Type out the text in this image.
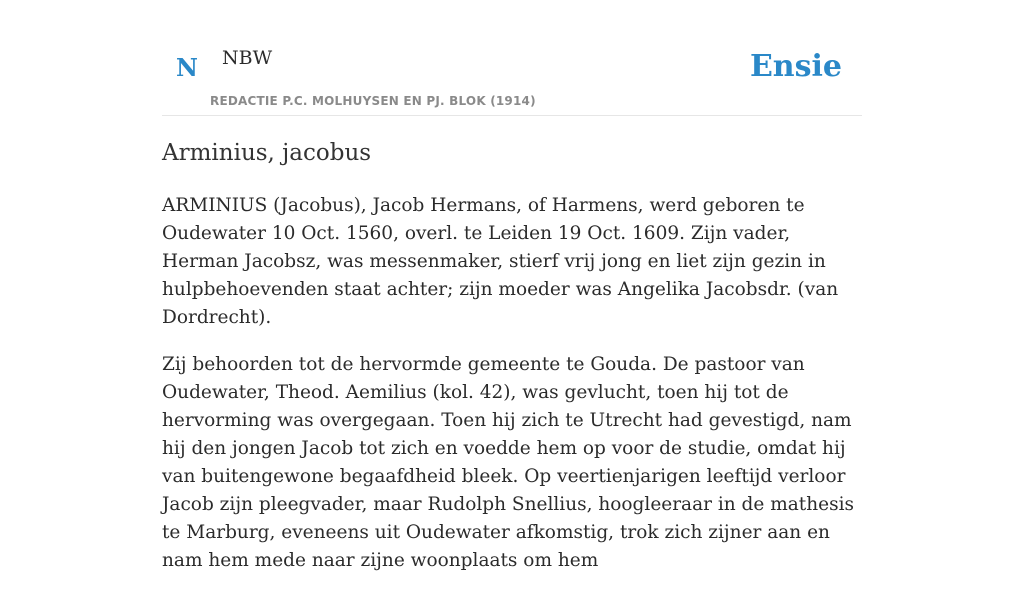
N NBW
REDACTIE P.C. MOLHUYSEN EN PJ. BLOK (1914)
Ensie
Arminius, jacobus

ARMINIUS (Jacobus), Jacob Hermans, of Harmens, werd geboren te Oudewater 10 Oct. 1560, overl. te Leiden 19 Oct. 1609. Zijn vader, Herman Jacobsz, was messenmaker, stierf vrij jong en liet zijn gezin in hulpbehoevenden staat achter; zijn moeder was Angelika Jacobsdr. (van Dordrecht).

Zij behoorden tot de hervormde gemeente te Gouda. De pastoor van Oudewater, Theod. Aemilius (kol. 42), was gevlucht, toen hij tot de hervorming was overgegaan. Toen hij zich te Utrecht had gevestigd, nam hij den jongen Jacob tot zich en voedde hem op voor de studie, omdat hij van buitengewone begaafdheid bleek. Op veertienjarigen leeftijd verloor Jacob zijn pleegvader, maar Rudolph Snellius, hoogleeraar in de mathesis te Marburg, eveneens uit Oudewater afkomstig, trok zich zijner aan en nam hem mede naar zijne woonplaats om hem
